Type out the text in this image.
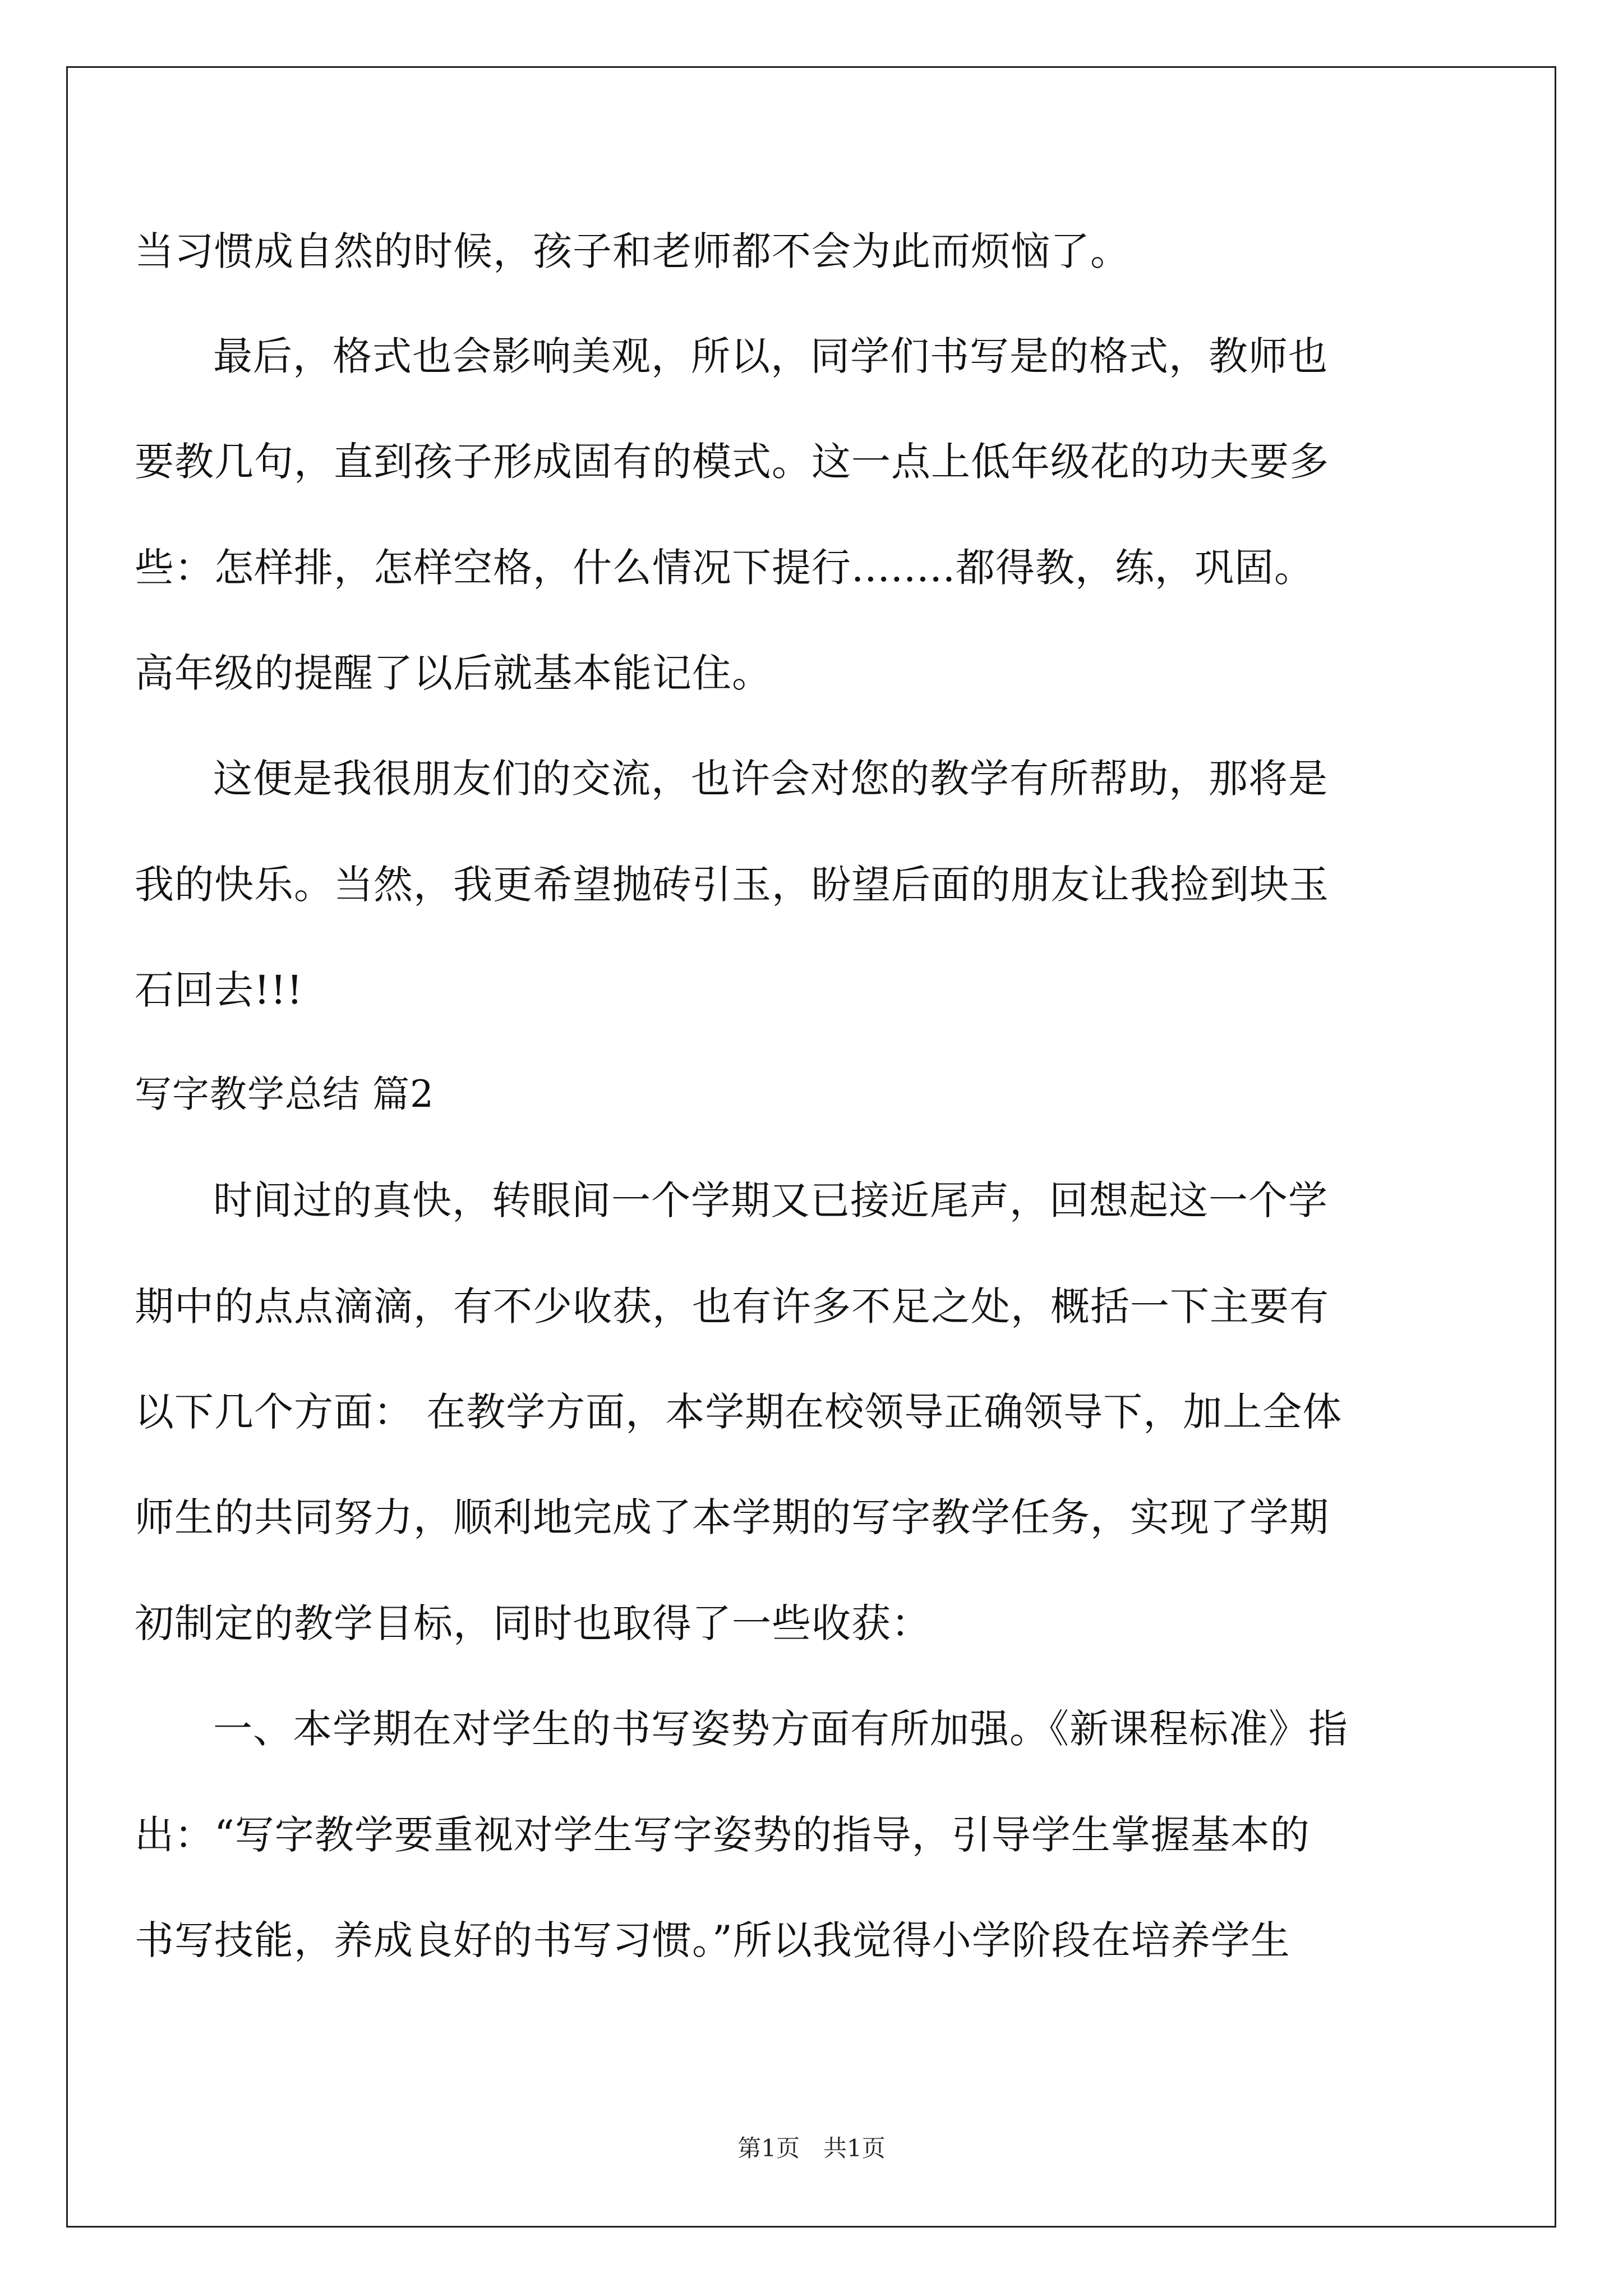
当习惯成自然的时候，孩子和老师都不会为此而烦恼了。
最后，格式也会影响美观，所以，同学们书写是的格式，教师也
要教几句，直到孩子形成固有的模式。这一点上低年级花的功夫要多
些：怎样排，怎样空格，什么情况下提行........都得教，练，巩固。
高年级的提醒了以后就基本能记住。
这便是我很朋友们的交流，也许会对您的教学有所帮助，那将是
我的快乐。当然，我更希望抛砖引玉，盼望后面的朋友让我捡到块玉
石回去!!!
写字教学总结 篇2
时间过的真快，转眼间一个学期又已接近尾声，回想起这一个学
期中的点点滴滴，有不少收获，也有许多不足之处，概括一下主要有
以下几个方面： 在教学方面，本学期在校领导正确领导下，加上全体
师生的共同努力，顺利地完成了本学期的写字教学任务，实现了学期
初制定的教学目标，同时也取得了一些收获：
一、本学期在对学生的书写姿势方面有所加强。《新课程标准》指
出：“写字教学要重视对学生写字姿势的指导，引导学生掌握基本的
书写技能，养成良好的书写习惯。”所以我觉得小学阶段在培养学生
第1页　共1页
